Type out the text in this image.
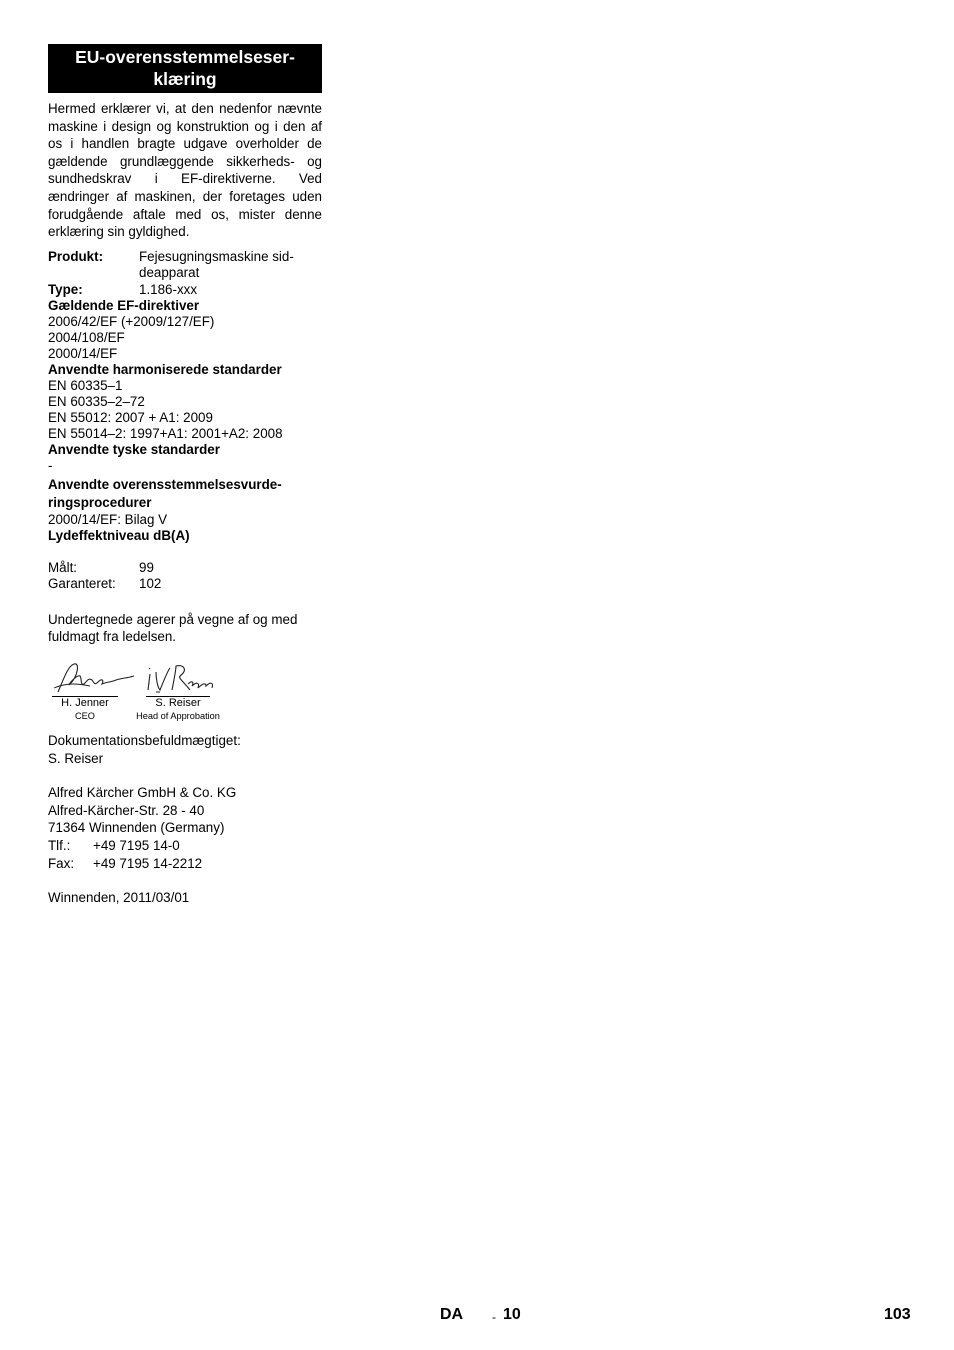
EU-overensstemmelseser-
klæring
Hermed erklærer vi, at den nedenfor nævnte maskine i design og konstruktion og i den af os i handlen bragte udgave overholder de gældende grundlæggende sikkerheds- og sundhedskrav i EF-direktiverne. Ved ændringer af maskinen, der foretages uden forudgående aftale med os, mister denne erklæring sin gyldighed.
Produkt:	Fejesugningsmaskine sid-
deapparat
Type:	1.186-xxx
Gældende EF-direktiver
2006/42/EF (+2009/127/EF)
2004/108/EF
2000/14/EF
Anvendte harmoniserede standarder
EN 60335–1
EN 60335–2–72
EN 55012: 2007 + A1: 2009
EN 55014–2: 1997+A1: 2001+A2: 2008
Anvendte tyske standarder
-
Anvendte overensstemmelsesvurde-
ringsprocedurer
2000/14/EF: Bilag V
Lydeffektniveau dB(A)
Målt:	99
Garanteret:	102
Undertegnede agerer på vegne af og med fuldmagt fra ledelsen.
H. Jenner
CEO
S. Reiser
Head of Approbation
Dokumentationsbefuldmægtiget:
S. Reiser
Alfred Kärcher GmbH & Co. KG
Alfred-Kärcher-Str. 28 - 40
71364 Winnenden (Germany)
Tlf.:	+49 7195 14-0
Fax:	+49 7195 14-2212
Winnenden, 2011/03/01
DA - 10	103
